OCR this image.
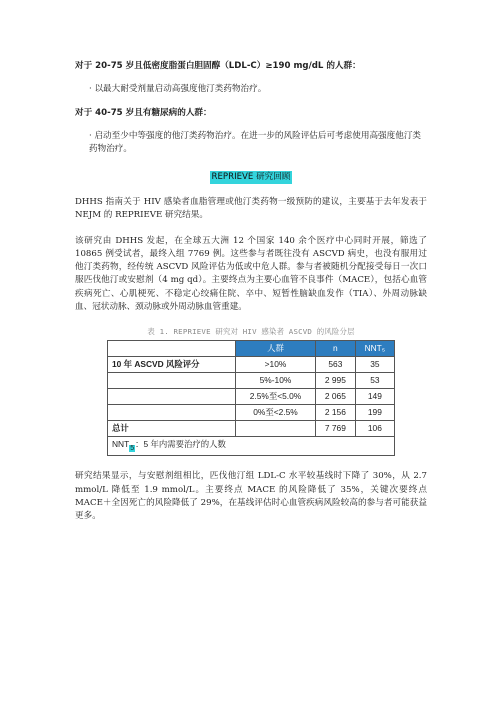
对于 20-75 岁且低密度脂蛋白胆固醇（LDL-C）≥190 mg/dL 的人群：

· 以最大耐受剂量启动高强度他汀类药物治疗。

对于 40-75 岁且有糖尿病的人群：

· 启动至少中等强度的他汀类药物治疗。在进一步的风险评估后可考虑使用高强度他汀类药物治疗。

REPRIEVE 研究回顾

DHHS 指南关于 HIV 感染者血脂管理或他汀类药物一级预防的建议，主要基于去年发表于 NEJM 的 REPRIEVE 研究结果。

该研究由 DHHS 发起，在全球五大洲 12 个国家 140 余个医疗中心同时开展，筛选了 10865 例受试者，最终入组 7769 例。这些参与者既往没有 ASCVD 病史，也没有服用过他汀类药物，经传统 ASCVD 风险评估为低或中危人群。参与者被随机分配接受每日一次口服匹伐他汀或安慰剂（4 mg qd）。主要终点为主要心血管不良事件（MACE），包括心血管疾病死亡、心肌梗死、不稳定心绞痛住院、卒中、短暂性脑缺血发作（TIA）、外周动脉缺血、冠状动脉、颈动脉或外周动脉血管重建。

表 1. REPRIEVE 研究对 HIV 感染者 ASCVD 的风险分层

	人群	n	NNT₅
10 年 ASCVD 风险评分	>10%	563	35
	5%-10%	2 995	53
	2.5%至<5.0%	2 065	149
	0%至<2.5%	2 156	199
总计		7 769	106
$NNT_5$：5 年内需要治疗的人数			

研究结果显示，与安慰剂组相比，匹伐他汀组 LDL-C 水平较基线时下降了 30%，从 2.7 mmol/L 降低至 1.9 mmol/L。主要终点 MACE 的风险降低了 35%，关键次要终点 MACE＋全因死亡的风险降低了 29%，在基线评估时心血管疾病风险较高的参与者可能获益更多。
